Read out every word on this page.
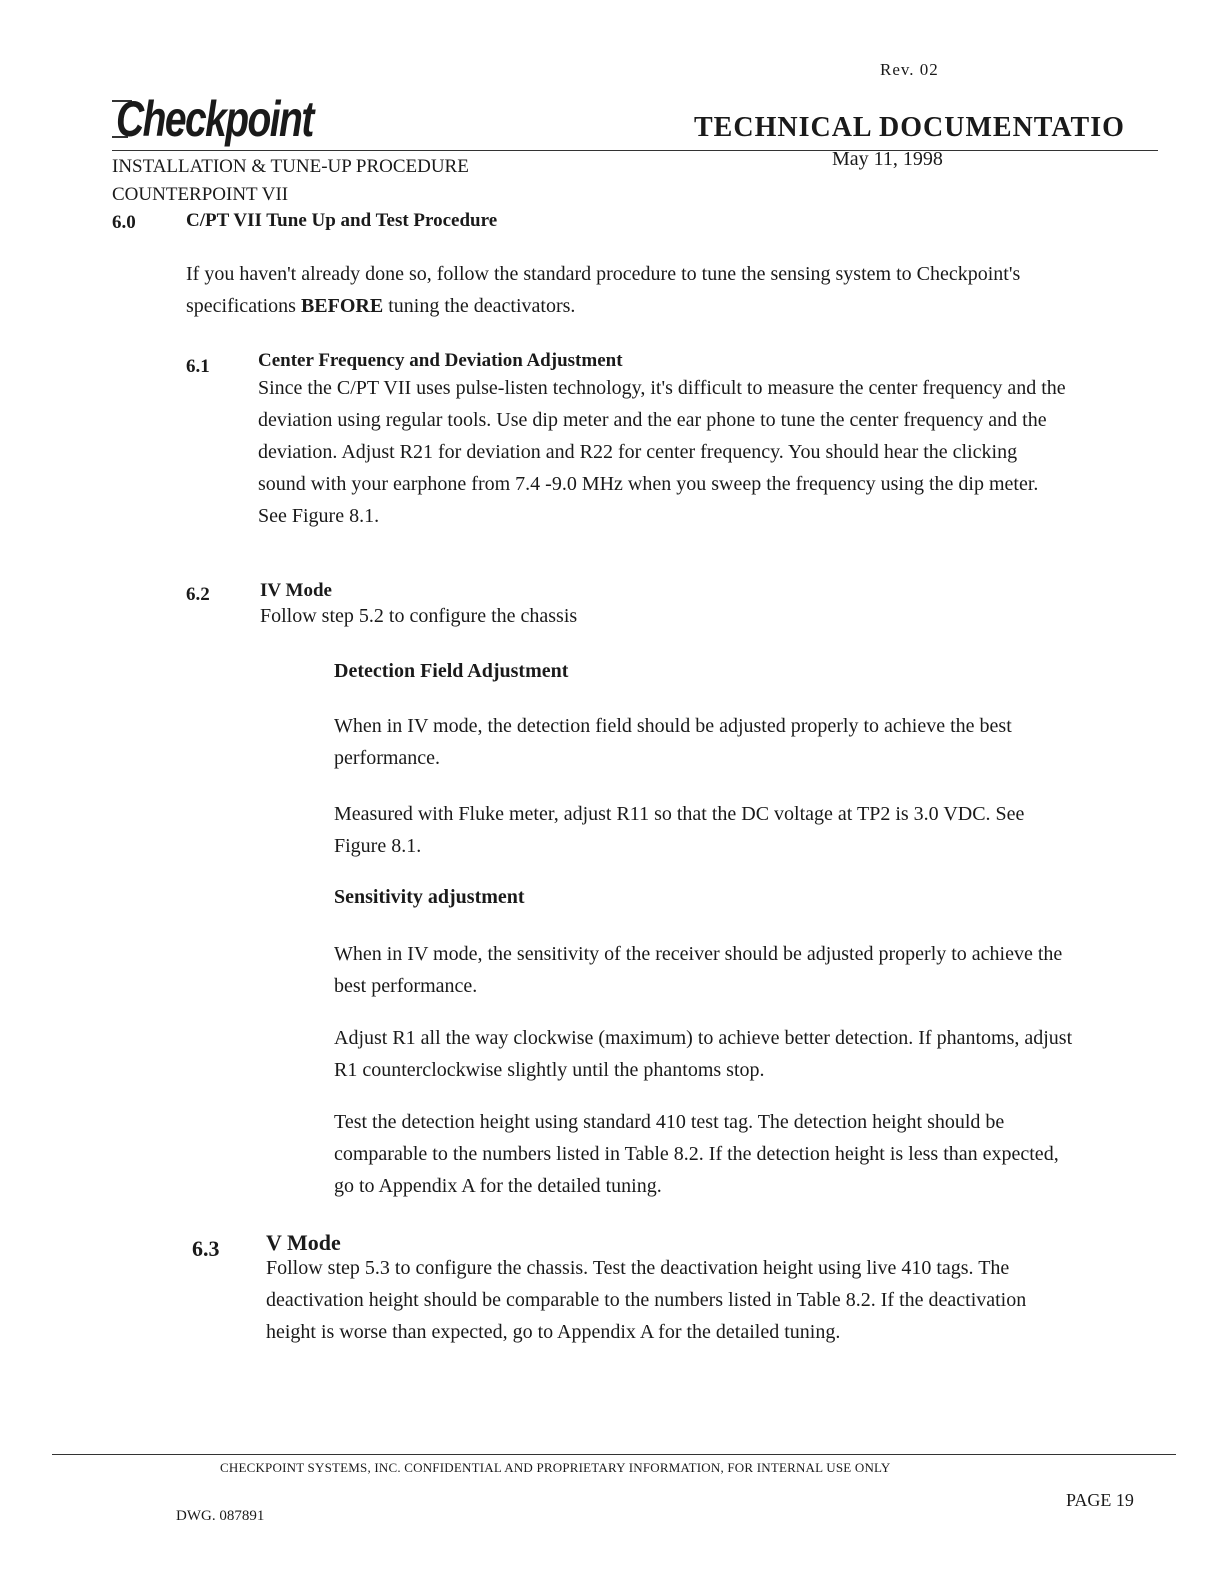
Rev. 02
Checkpoint	TECHNICAL DOCUMENTATIO
May 11, 1998
INSTALLATION & TUNE-UP PROCEDURE
COUNTERPOINT VII
6.0	C/PT VII Tune Up and Test Procedure
If you haven't already done so, follow the standard procedure to tune the sensing system to Checkpoint's specifications BEFORE tuning the deactivators.
6.1	Center Frequency and Deviation Adjustment
Since the C/PT VII uses pulse-listen technology, it's difficult to measure the center frequency and the deviation using regular tools. Use dip meter and the ear phone to tune the center frequency and the deviation. Adjust R21 for deviation and R22 for center frequency. You should hear the clicking sound with your earphone from 7.4 -9.0 MHz when you sweep the frequency using the dip meter. See Figure 8.1.
6.2	IV Mode
Follow step 5.2 to configure the chassis
Detection Field Adjustment
When in IV mode, the detection field should be adjusted properly to achieve the best performance.
Measured with Fluke meter, adjust R11 so that the DC voltage at TP2 is 3.0 VDC. See Figure 8.1.
Sensitivity adjustment
When in IV mode, the sensitivity of the receiver should be adjusted properly to achieve the best performance.
Adjust R1 all the way clockwise (maximum) to achieve better detection. If phantoms, adjust R1 counterclockwise slightly until the phantoms stop.
Test the detection height using standard 410 test tag. The detection height should be comparable to the numbers listed in Table 8.2. If the detection height is less than expected, go to Appendix A for the detailed tuning.
6.3 V Mode
Follow step 5.3 to configure the chassis. Test the deactivation height using live 410 tags. The deactivation height should be comparable to the numbers listed in Table 8.2. If the deactivation height is worse than expected, go to Appendix A for the detailed tuning.
CHECKPOINT SYSTEMS, INC. CONFIDENTIAL AND PROPRIETARY INFORMATION, FOR INTERNAL USE ONLY
PAGE 19
DWG. 087891
